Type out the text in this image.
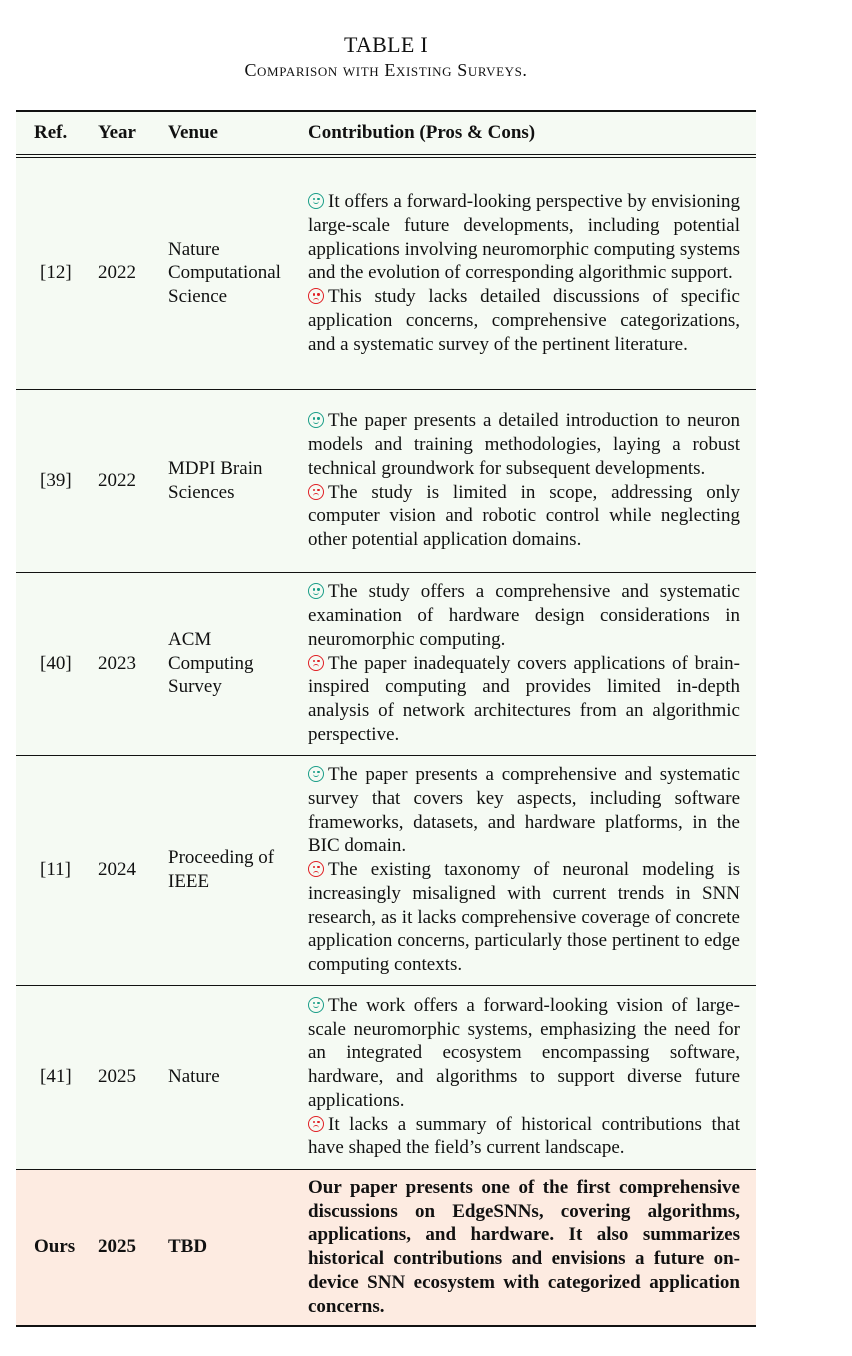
TABLE I
Comparison with Existing Surveys.
Ref.	Year	Venue	Contribution (Pros & Cons)
[12]	2022	Nature Computational Science	It offers a forward-looking perspective by envisioning large-scale future developments, including potential applications involving neuromorphic computing systems and the evolution of corresponding algorithmic support.

This study lacks detailed discussions of specific application concerns, comprehensive categorizations, and a systematic survey of the pertinent literature.
[39]	2022	MDPI Brain Sciences	The paper presents a detailed introduction to neuron models and training methodologies, laying a robust technical groundwork for subsequent developments.

The study is limited in scope, addressing only computer vision and robotic control while neglecting other potential application domains.
[40]	2023	ACM Computing Survey	The study offers a comprehensive and systematic examination of hardware design considerations in neuromorphic computing.

The paper inadequately covers applications of brain-inspired computing and provides limited in-depth analysis of network architectures from an algorithmic perspective.
[11]	2024	Proceeding of IEEE	The paper presents a comprehensive and systematic survey that covers key aspects, including software frameworks, datasets, and hardware platforms, in the BIC domain.

The existing taxonomy of neuronal modeling is increasingly misaligned with current trends in SNN research, as it lacks comprehensive coverage of concrete application concerns, particularly those pertinent to edge computing contexts.
[41]	2025	Nature	The work offers a forward-looking vision of large-scale neuromorphic systems, emphasizing the need for an integrated ecosystem encompassing software, hardware, and algorithms to support diverse future applications.

It lacks a summary of historical contributions that have shaped the field’s current landscape.
Ours	2025	TBD	Our paper presents one of the first comprehensive discussions on EdgeSNNs, covering algorithms, applications, and hardware. It also summarizes historical contributions and envisions a future on-device SNN ecosystem with categorized application concerns.
